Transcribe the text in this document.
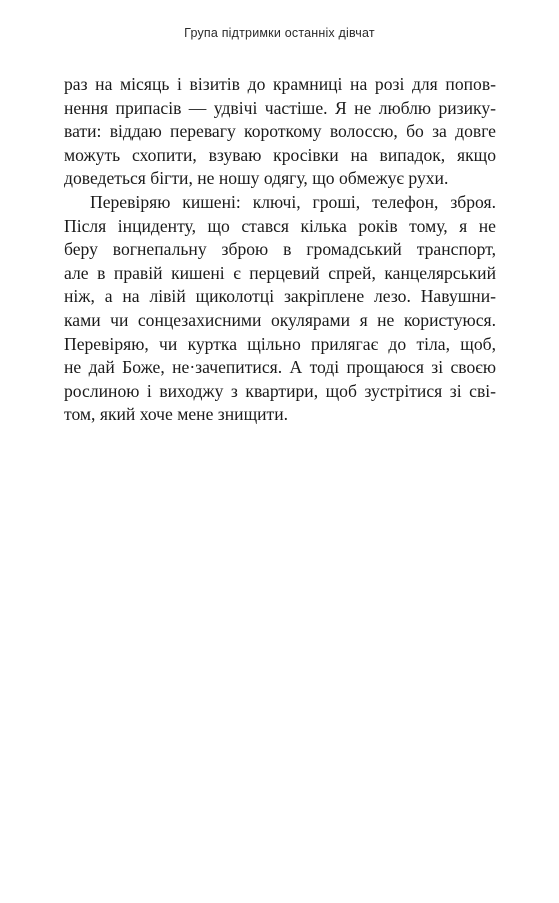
Група підтримки останніх дівчат
раз на місяць і візитів до крамниці на розі для попов-
нення припасів — удвічі частіше. Я не люблю ризику-
вати: віддаю перевагу короткому волоссю, бо за довге
можуть схопити, взуваю кросівки на випадок, якщо
доведеться бігти, не ношу одягу, що обмежує рухи.
Перевіряю кишені: ключі, гроші, телефон, зброя.
Після інциденту, що стався кілька років тому, я не
беру вогнепальну зброю в громадський транспорт,
але в правій кишені є перцевий спрей, канцелярський
ніж, а на лівій щиколотці закріплене лезо. Навушни-
ками чи сонцезахисними окулярами я не користуюся.
Перевіряю, чи куртка щільно прилягає до тіла, щоб,
не дай Боже, не·зачепитися. А тоді прощаюся зі своєю
рослиною і виходжу з квартири, щоб зустрітися зі сві-
том, який хоче мене знищити.
